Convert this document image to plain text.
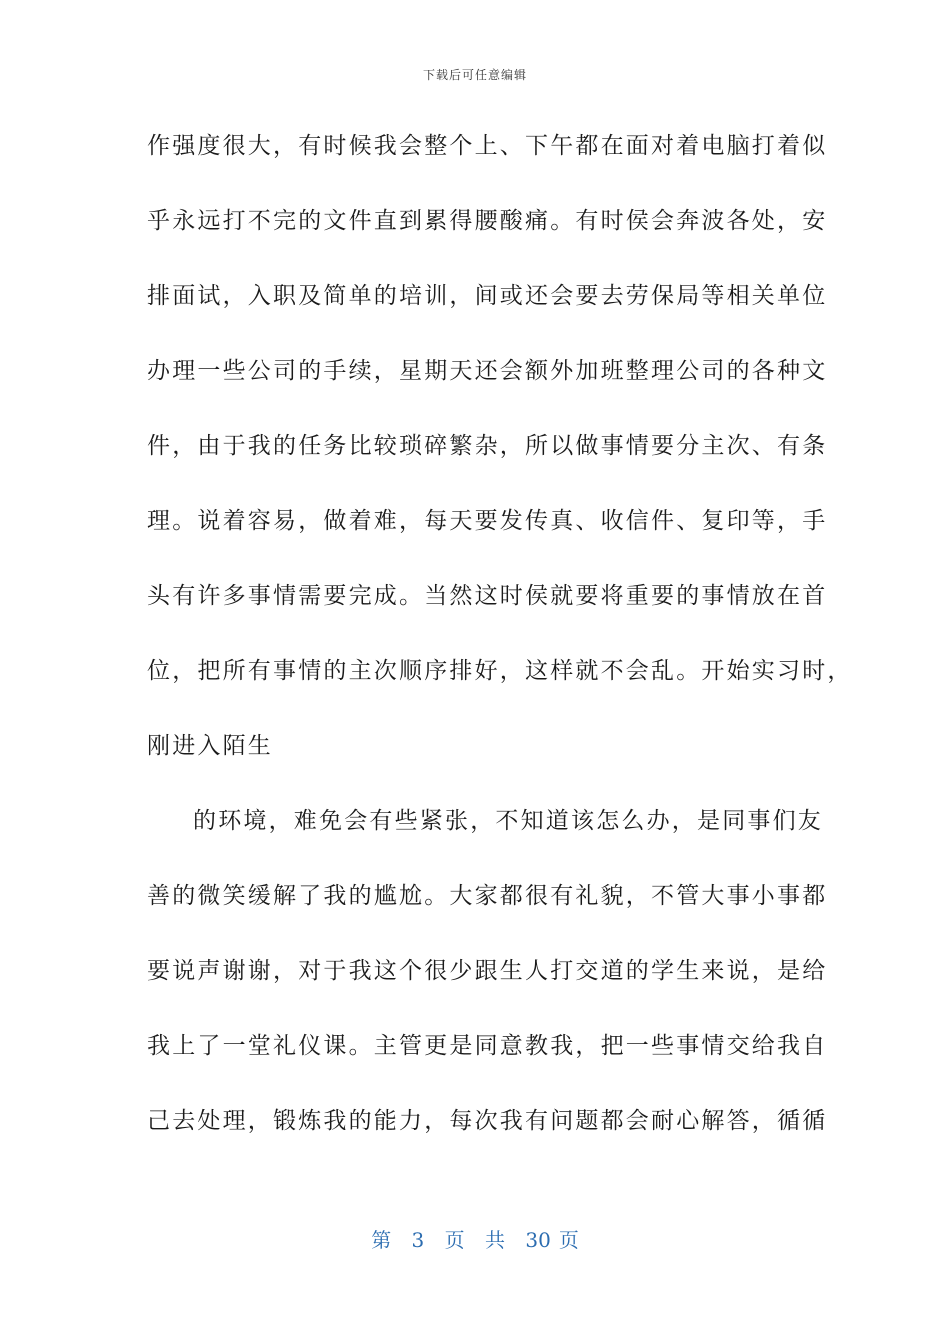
下载后可任意编辑
作强度很大，有时候我会整个上、下午都在面对着电脑打着似
乎永远打不完的文件直到累得腰酸痛。有时侯会奔波各处，安
排面试，入职及简单的培训，间或还会要去劳保局等相关单位
办理一些公司的手续，星期天还会额外加班整理公司的各种文
件，由于我的任务比较琐碎繁杂，所以做事情要分主次、有条
理。说着容易，做着难，每天要发传真、收信件、复印等，手
头有许多事情需要完成。当然这时侯就要将重要的事情放在首
位，把所有事情的主次顺序排好，这样就不会乱。开始实习时，
刚进入陌生
的环境，难免会有些紧张，不知道该怎么办，是同事们友
善的微笑缓解了我的尴尬。大家都很有礼貌，不管大事小事都
要说声谢谢，对于我这个很少跟生人打交道的学生来说，是给
我上了一堂礼仪课。主管更是同意教我，把一些事情交给我自
己去处理，锻炼我的能力，每次我有问题都会耐心解答，循循
第 3 页 共 30 页
